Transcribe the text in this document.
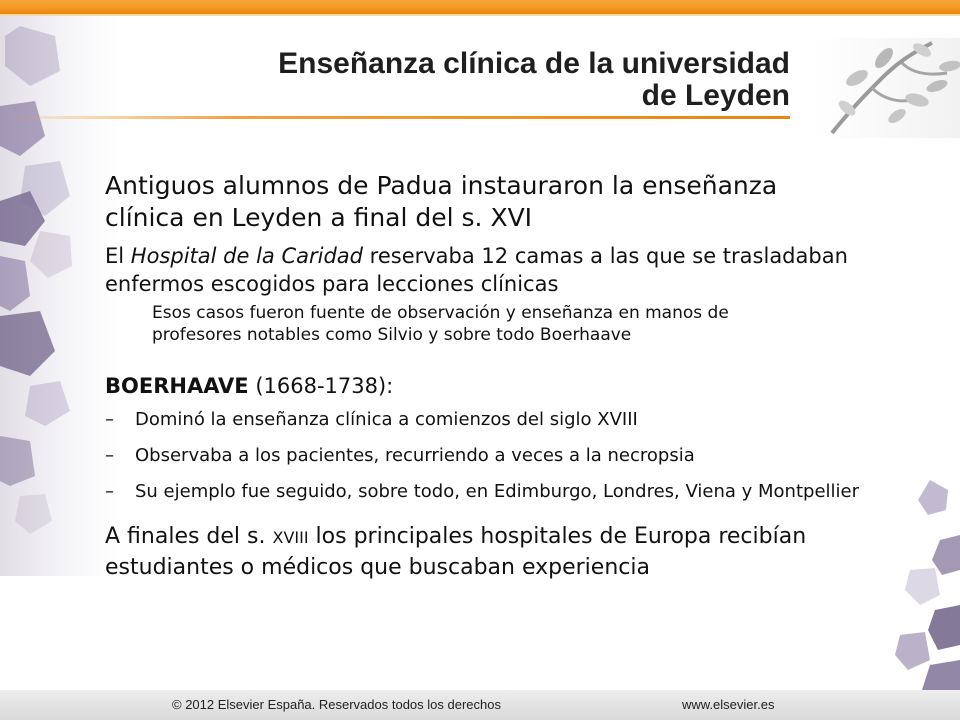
Enseñanza clínica de la universidad
de Leyden

Antiguos alumnos de Padua instauraron la enseñanza clínica en Leyden a final del s. XVI

El Hospital de la Caridad reservaba 12 camas a las que se trasladaban enfermos escogidos para lecciones clínicas

Esos casos fueron fuente de observación y enseñanza en manos de profesores notables como Silvio y sobre todo Boerhaave

BOERHAAVE (1668-1738):

– Dominó la enseñanza clínica a comienzos del siglo XVIII

– Observaba a los pacientes, recurriendo a veces a la necropsia

– Su ejemplo fue seguido, sobre todo, en Edimburgo, Londres, Viena y Montpellier

A finales del s. XVIII los principales hospitales de Europa recibían estudiantes o médicos que buscaban experiencia

© 2012 Elsevier España. Reservados todos los derechos	www.elsevier.es
